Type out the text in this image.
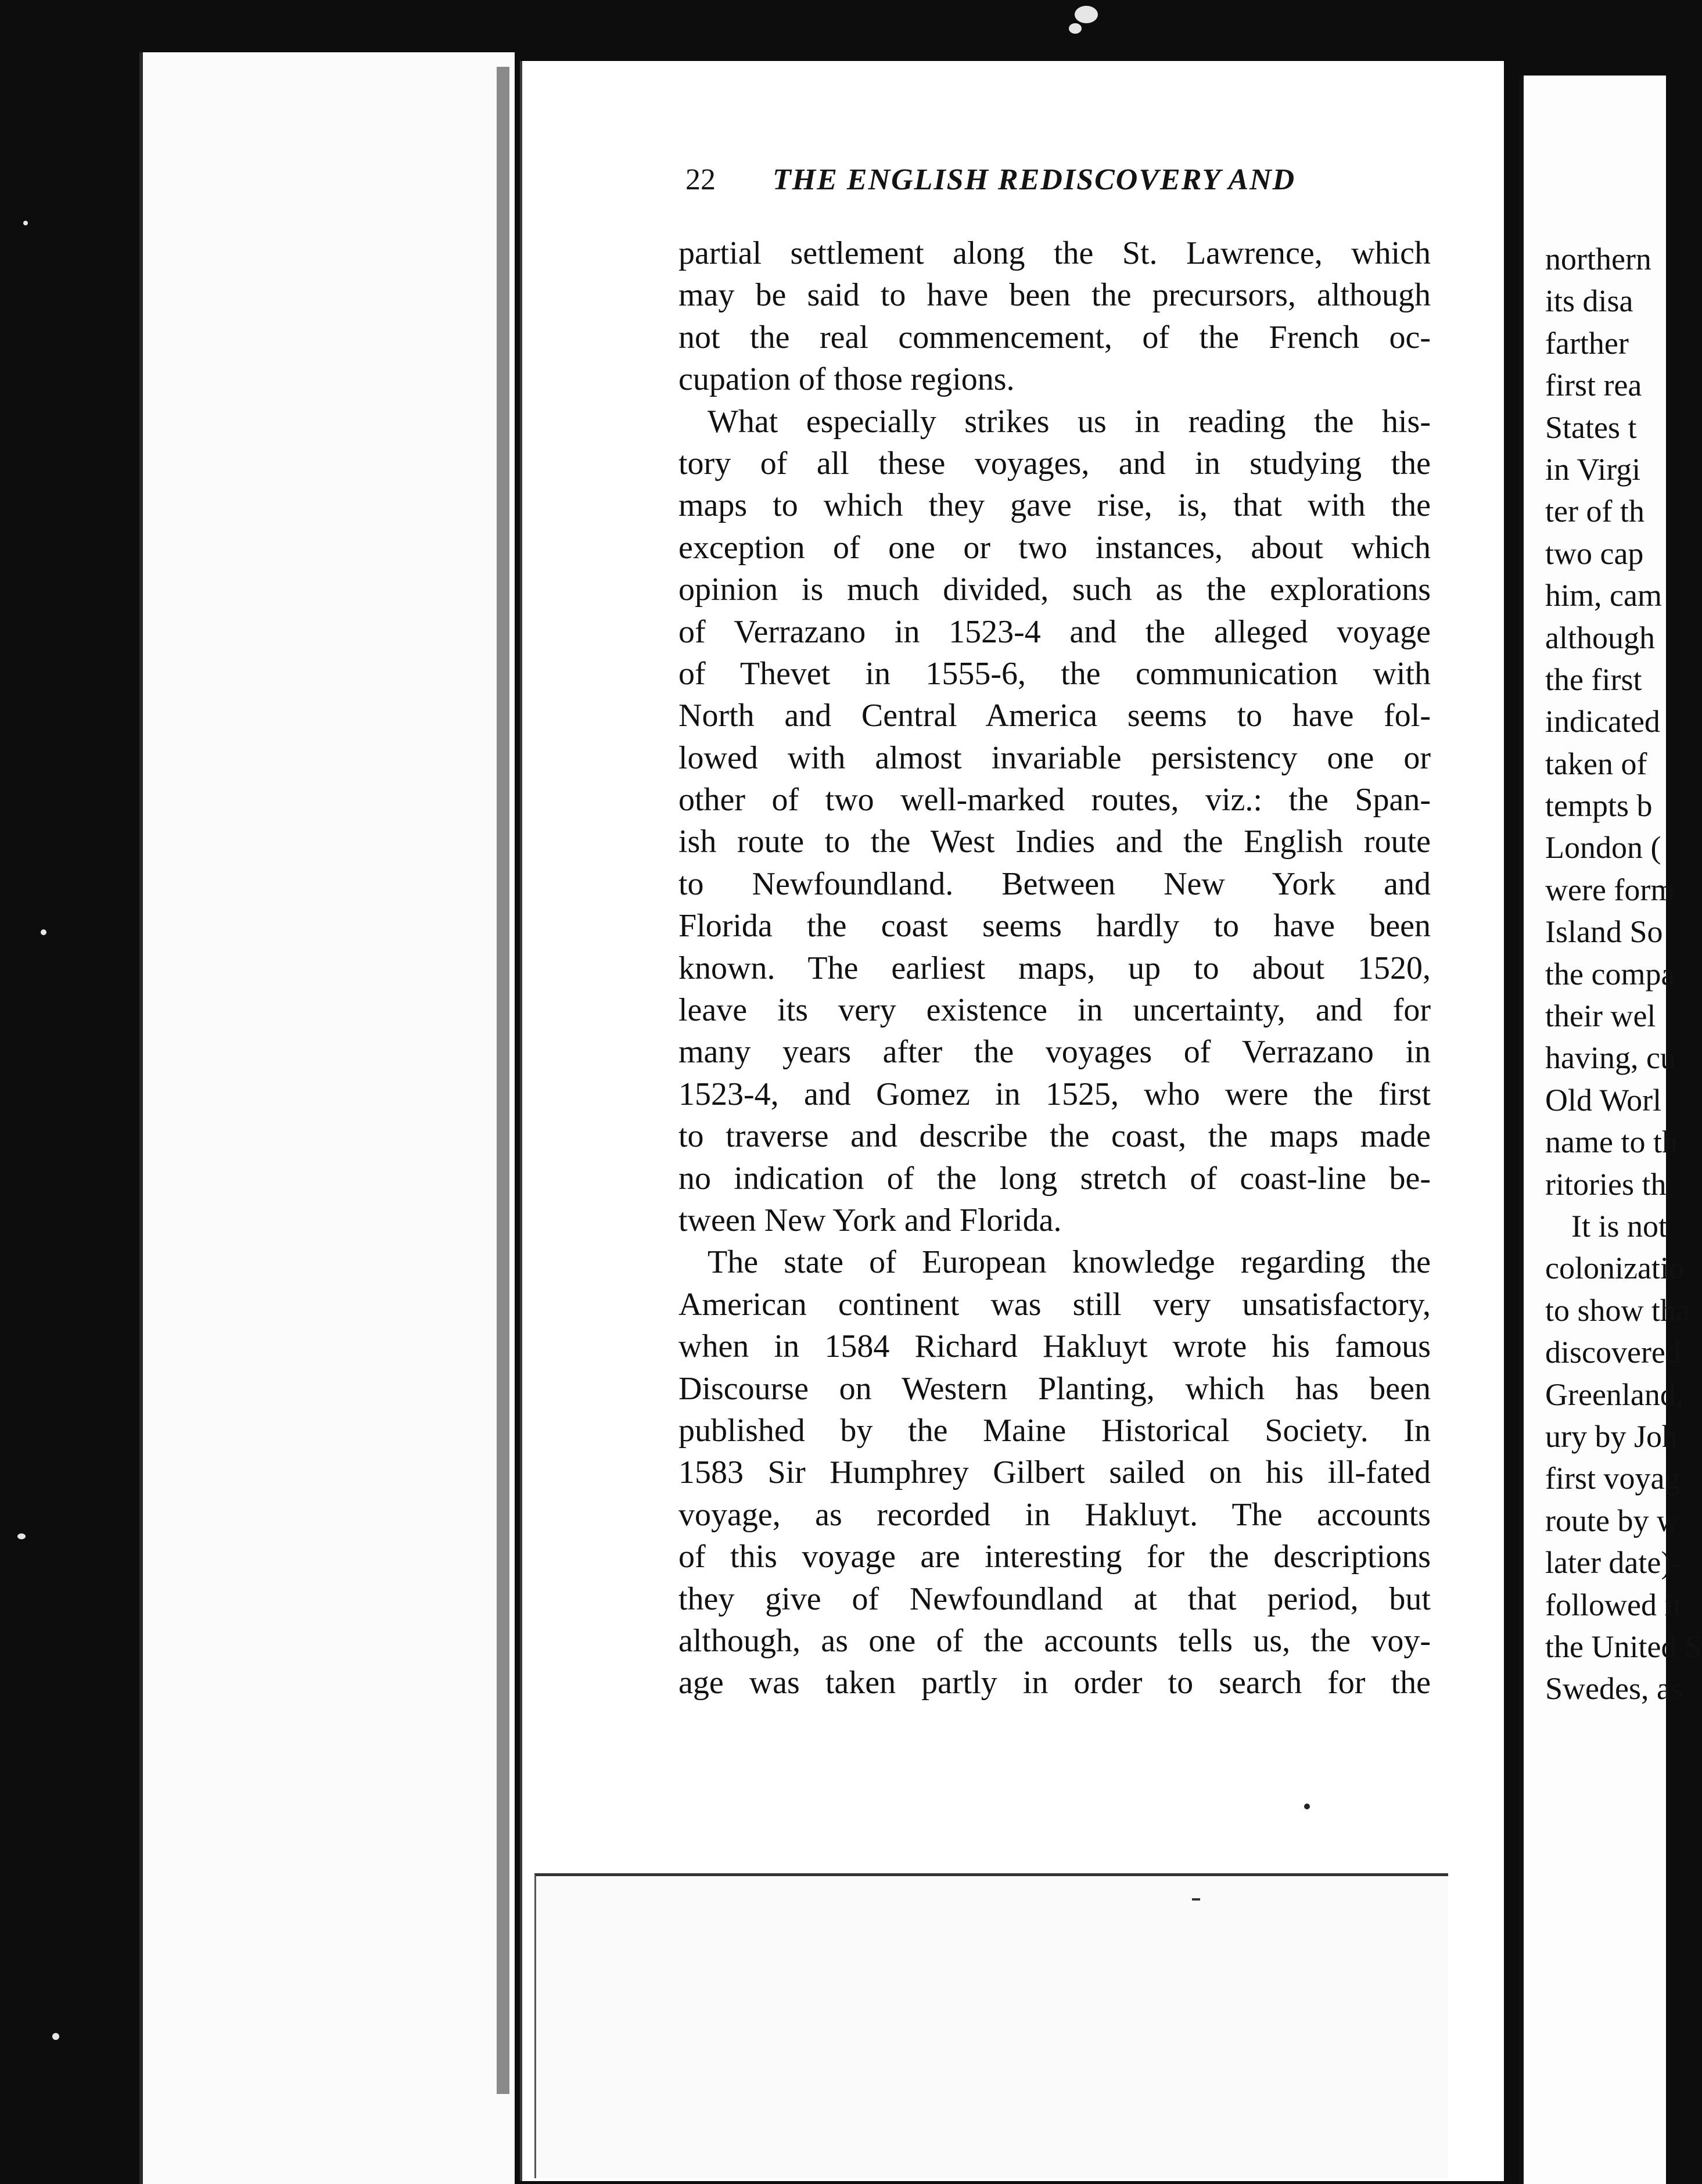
22 THE ENGLISH REDISCOVERY AND
partial settlement along the St. Lawrence, which
may be said to have been the precursors, although
not the real commencement, of the French oc-
cupation of those regions.
What especially strikes us in reading the his-
tory of all these voyages, and in studying the
maps to which they gave rise, is, that with the
exception of one or two instances, about which
opinion is much divided, such as the explorations
of Verrazano in 1523-4 and the alleged voyage
of Thevet in 1555-6, the communication with
North and Central America seems to have fol-
lowed with almost invariable persistency one or
other of two well-marked routes, viz.: the Span-
ish route to the West Indies and the English route
to Newfoundland. Between New York and
Florida the coast seems hardly to have been
known. The earliest maps, up to about 1520,
leave its very existence in uncertainty, and for
many years after the voyages of Verrazano in
1523-4, and Gomez in 1525, who were the first
to traverse and describe the coast, the maps made
no indication of the long stretch of coast-line be-
tween New York and Florida.
The state of European knowledge regarding the
American continent was still very unsatisfactory,
when in 1584 Richard Hakluyt wrote his famous
Discourse on Western Planting, which has been
published by the Maine Historical Society. In
1583 Sir Humphrey Gilbert sailed on his ill-fated
voyage, as recorded in Hakluyt. The accounts
of this voyage are interesting for the descriptions
they give of Newfoundland at that period, but
although, as one of the accounts tells us, the voy-
age was taken partly in order to search for the
northern
its disa
farther
first rea
States t
in Virgi
ter of th
two cap
him, cam
although
the first
indicated
taken of
tempts b
London (
were form
Island So
the compa
their wel
having, cu
Old Worl
name to th
ritories th
It is not
colonizatio
to show tha
discovered
Greenland,
ury by Joh
first voyag
route by w
later date)-
followed it
the United S
Swedes, as
